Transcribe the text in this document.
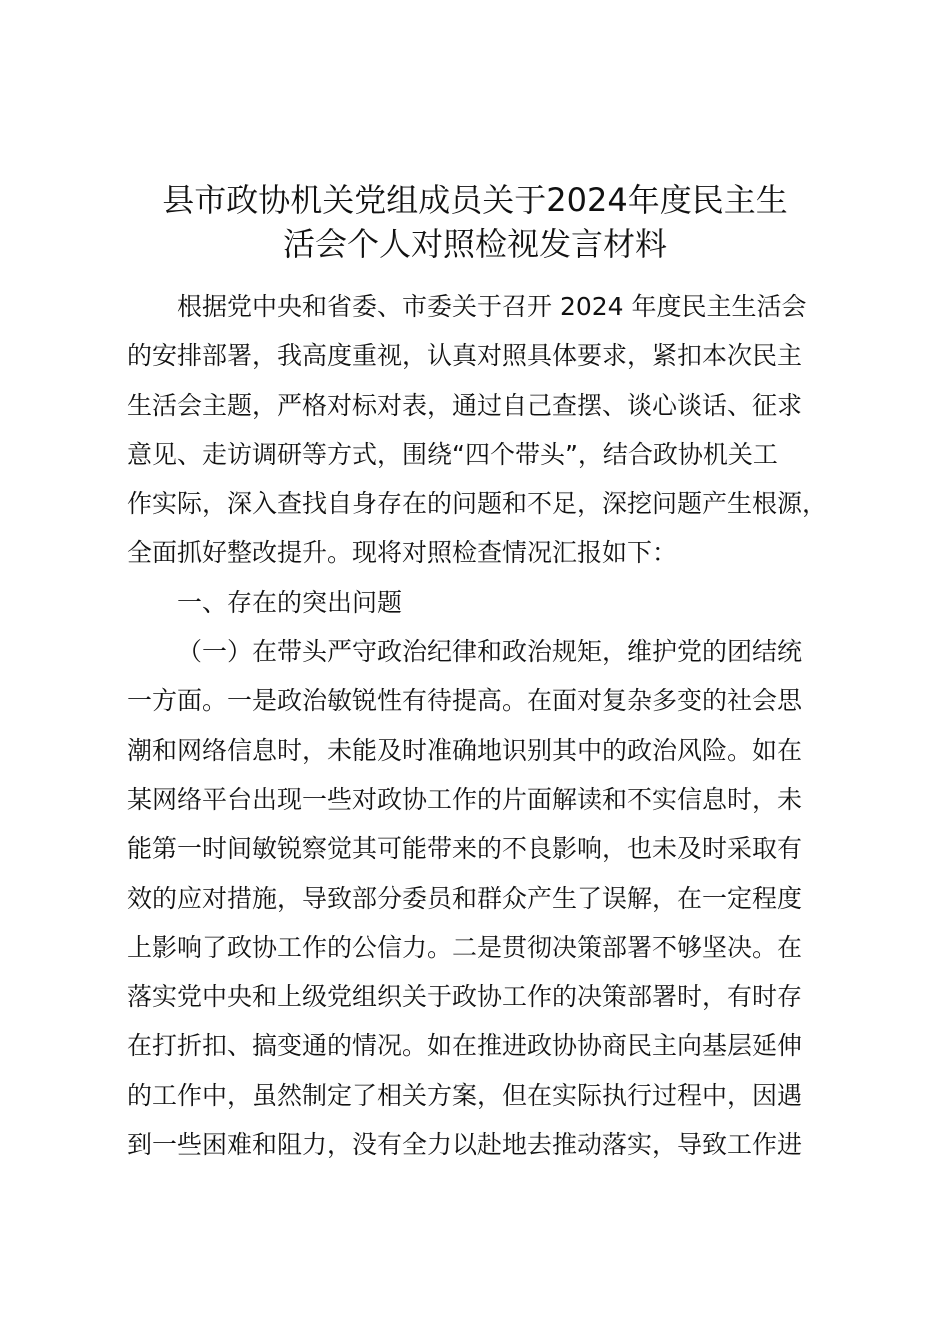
县市政协机关党组成员关于2024年度民主生
活会个人对照检视发言材料
根据党中央和省委、市委关于召开 2024 年度民主生活会
的安排部署，我高度重视，认真对照具体要求，紧扣本次民主
生活会主题，严格对标对表，通过自己查摆、谈心谈话、征求
意见、走访调研等方式，围绕“四个带头”，结合政协机关工
作实际，深入查找自身存在的问题和不足，深挖问题产生根源，
全面抓好整改提升。现将对照检查情况汇报如下：
一、存在的突出问题
（一）在带头严守政治纪律和政治规矩，维护党的团结统
一方面。一是政治敏锐性有待提高。在面对复杂多变的社会思
潮和网络信息时，未能及时准确地识别其中的政治风险。如在
某网络平台出现一些对政协工作的片面解读和不实信息时，未
能第一时间敏锐察觉其可能带来的不良影响，也未及时采取有
效的应对措施，导致部分委员和群众产生了误解，在一定程度
上影响了政协工作的公信力。二是贯彻决策部署不够坚决。在
落实党中央和上级党组织关于政协工作的决策部署时，有时存
在打折扣、搞变通的情况。如在推进政协协商民主向基层延伸
的工作中，虽然制定了相关方案，但在实际执行过程中，因遇
到一些困难和阻力，没有全力以赴地去推动落实，导致工作进
